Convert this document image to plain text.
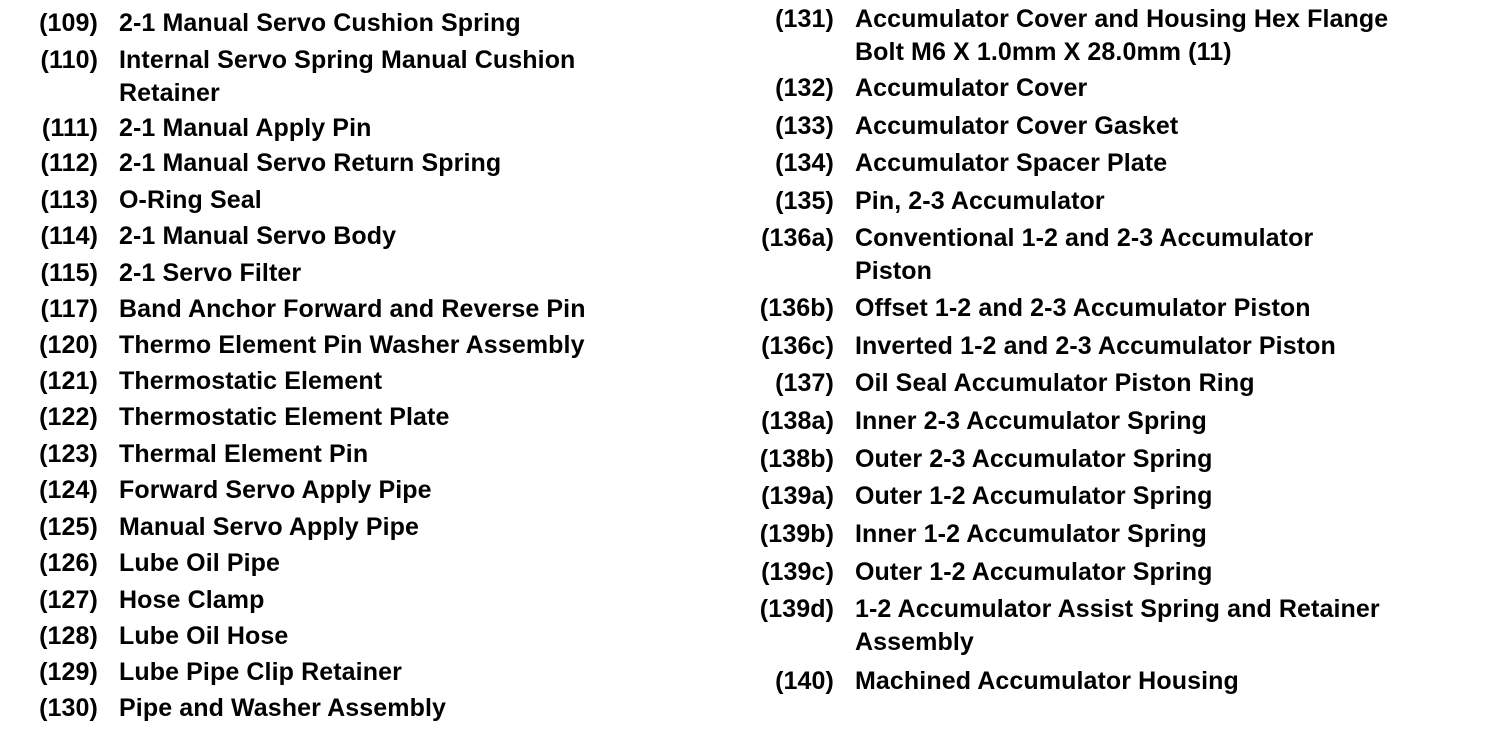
(109) 2-1 Manual Servo Cushion Spring
(110) Internal Servo Spring Manual Cushion
Retainer
(111) 2-1 Manual Apply Pin
(112) 2-1 Manual Servo Return Spring
(113) O-Ring Seal
(114) 2-1 Manual Servo Body
(115) 2-1 Servo Filter
(117) Band Anchor Forward and Reverse Pin
(120) Thermo Element Pin Washer Assembly
(121) Thermostatic Element
(122) Thermostatic Element Plate
(123) Thermal Element Pin
(124) Forward Servo Apply Pipe
(125) Manual Servo Apply Pipe
(126) Lube Oil Pipe
(127) Hose Clamp
(128) Lube Oil Hose
(129) Lube Pipe Clip Retainer
(130) Pipe and Washer Assembly
(131) Accumulator Cover and Housing Hex Flange
Bolt M6 X 1.0mm X 28.0mm (11)
(132) Accumulator Cover
(133) Accumulator Cover Gasket
(134) Accumulator Spacer Plate
(135) Pin, 2-3 Accumulator
(136a) Conventional 1-2 and 2-3 Accumulator
Piston
(136b) Offset 1-2 and 2-3 Accumulator Piston
(136c) Inverted 1-2 and 2-3 Accumulator Piston
(137) Oil Seal Accumulator Piston Ring
(138a) Inner 2-3 Accumulator Spring
(138b) Outer 2-3 Accumulator Spring
(139a) Outer 1-2 Accumulator Spring
(139b) Inner 1-2 Accumulator Spring
(139c) Outer 1-2 Accumulator Spring
(139d) 1-2 Accumulator Assist Spring and Retainer
Assembly
(140) Machined Accumulator Housing
